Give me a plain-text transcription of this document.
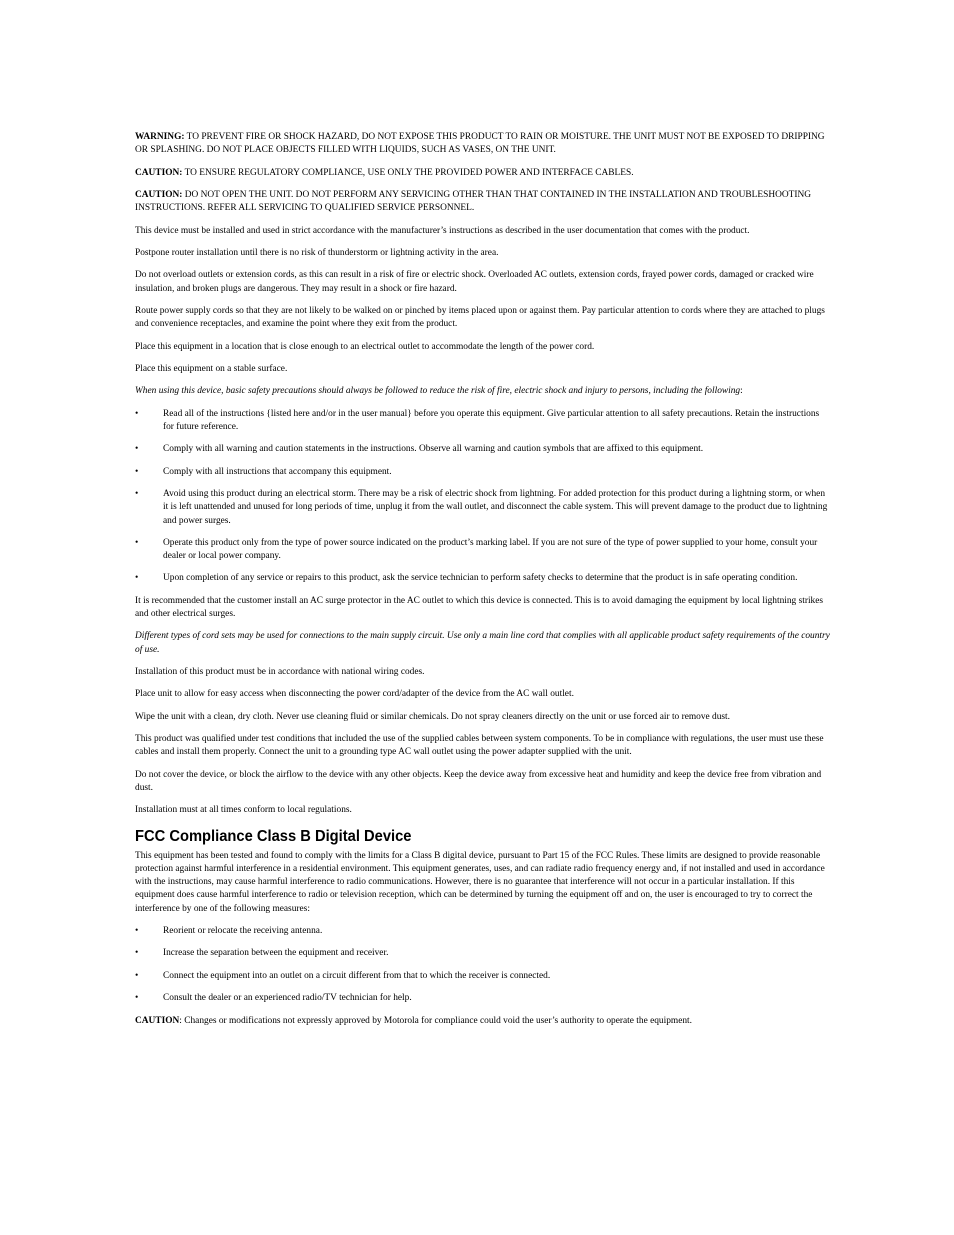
WARNING: TO PREVENT FIRE OR SHOCK HAZARD, DO NOT EXPOSE THIS PRODUCT TO RAIN OR MOISTURE. THE UNIT MUST NOT BE EXPOSED TO DRIPPING OR SPLASHING. DO NOT PLACE OBJECTS FILLED WITH LIQUIDS, SUCH AS VASES, ON THE UNIT.

CAUTION: TO ENSURE REGULATORY COMPLIANCE, USE ONLY THE PROVIDED POWER AND INTERFACE CABLES.

CAUTION: DO NOT OPEN THE UNIT. DO NOT PERFORM ANY SERVICING OTHER THAN THAT CONTAINED IN THE INSTALLATION AND TROUBLESHOOTING INSTRUCTIONS. REFER ALL SERVICING TO QUALIFIED SERVICE PERSONNEL.

This device must be installed and used in strict accordance with the manufacturer’s instructions as described in the user documentation that comes with the product.

Postpone router installation until there is no risk of thunderstorm or lightning activity in the area.

Do not overload outlets or extension cords, as this can result in a risk of fire or electric shock. Overloaded AC outlets, extension cords, frayed power cords, damaged or cracked wire insulation, and broken plugs are dangerous. They may result in a shock or fire hazard.

Route power supply cords so that they are not likely to be walked on or pinched by items placed upon or against them. Pay particular attention to cords where they are attached to plugs and convenience receptacles, and examine the point where they exit from the product.

Place this equipment in a location that is close enough to an electrical outlet to accommodate the length of the power cord.

Place this equipment on a stable surface.

When using this device, basic safety precautions should always be followed to reduce the risk of fire, electric shock and injury to persons, including the following:

•	Read all of the instructions {listed here and/or in the user manual} before you operate this equipment. Give particular attention to all safety precautions. Retain the instructions for future reference.
•	Comply with all warning and caution statements in the instructions. Observe all warning and caution symbols that are affixed to this equipment.
•	Comply with all instructions that accompany this equipment.
•	Avoid using this product during an electrical storm. There may be a risk of electric shock from lightning. For added protection for this product during a lightning storm, or when it is left unattended and unused for long periods of time, unplug it from the wall outlet, and disconnect the cable system. This will prevent damage to the product due to lightning and power surges.
•	Operate this product only from the type of power source indicated on the product’s marking label. If you are not sure of the type of power supplied to your home, consult your dealer or local power company.
•	Upon completion of any service or repairs to this product, ask the service technician to perform safety checks to determine that the product is in safe operating condition.

It is recommended that the customer install an AC surge protector in the AC outlet to which this device is connected. This is to avoid damaging the equipment by local lightning strikes and other electrical surges.

Different types of cord sets may be used for connections to the main supply circuit. Use only a main line cord that complies with all applicable product safety requirements of the country of use.

Installation of this product must be in accordance with national wiring codes.

Place unit to allow for easy access when disconnecting the power cord/adapter of the device from the AC wall outlet.

Wipe the unit with a clean, dry cloth. Never use cleaning fluid or similar chemicals. Do not spray cleaners directly on the unit or use forced air to remove dust.

This product was qualified under test conditions that included the use of the supplied cables between system components. To be in compliance with regulations, the user must use these cables and install them properly. Connect the unit to a grounding type AC wall outlet using the power adapter supplied with the unit.

Do not cover the device, or block the airflow to the device with any other objects. Keep the device away from excessive heat and humidity and keep the device free from vibration and dust.

Installation must at all times conform to local regulations.

FCC Compliance Class B Digital Device

This equipment has been tested and found to comply with the limits for a Class B digital device, pursuant to Part 15 of the FCC Rules. These limits are designed to provide reasonable protection against harmful interference in a residential environment. This equipment generates, uses, and can radiate radio frequency energy and, if not installed and used in accordance with the instructions, may cause harmful interference to radio communications. However, there is no guarantee that interference will not occur in a particular installation. If this equipment does cause harmful interference to radio or television reception, which can be determined by turning the equipment off and on, the user is encouraged to try to correct the interference by one of the following measures:

•	Reorient or relocate the receiving antenna.
•	Increase the separation between the equipment and receiver.
•	Connect the equipment into an outlet on a circuit different from that to which the receiver is connected.
•	Consult the dealer or an experienced radio/TV technician for help.

CAUTION: Changes or modifications not expressly approved by Motorola for compliance could void the user’s authority to operate the equipment.
